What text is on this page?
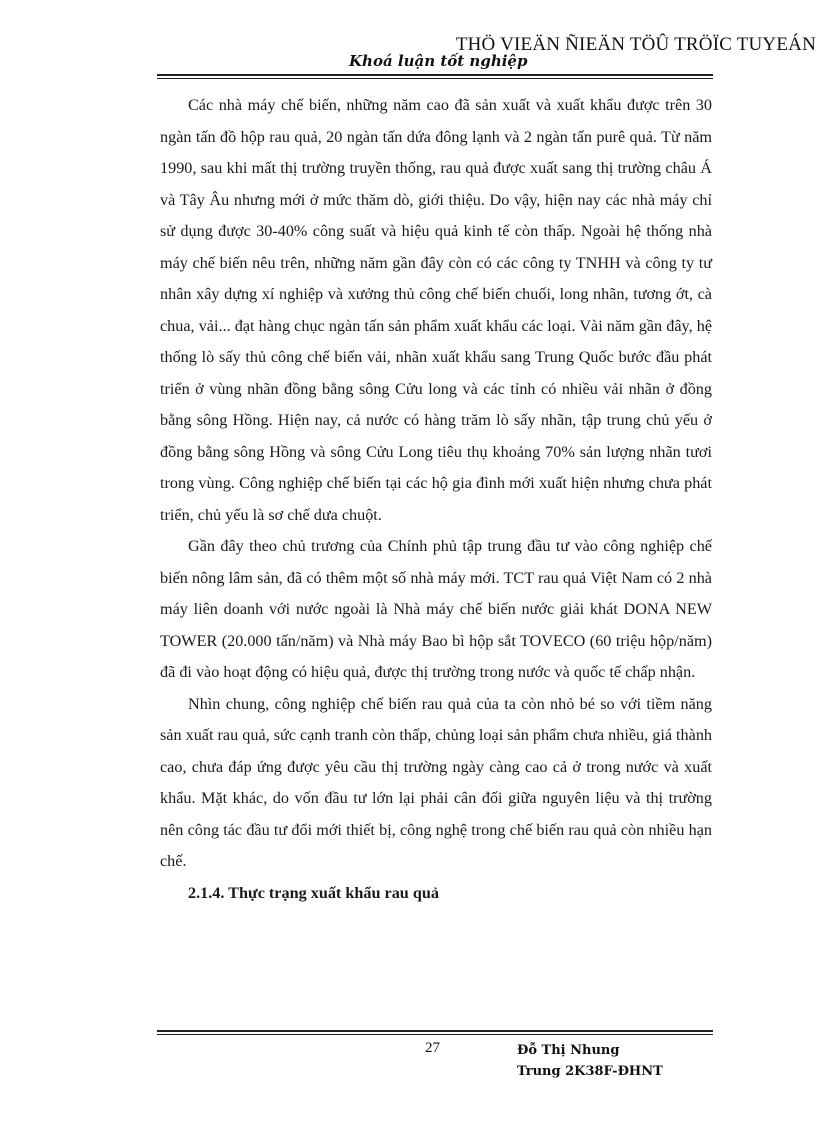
THÖ VIEÄN ÑIEÄN TÖÛ TRÖÏC TUYEÁN
Khoá luận tốt nghiệp

Các nhà máy chế biến, những năm cao đã sản xuất và xuất khẩu được trên 30 ngàn tấn đồ hộp rau quả, 20 ngàn tấn dứa đông lạnh và 2 ngàn tấn purê quả. Từ năm 1990, sau khi mất thị trường truyền thống, rau quả được xuất sang thị trường châu Á và Tây Âu nhưng mới ở mức thăm dò, giới thiệu. Do vậy, hiện nay các nhà máy chỉ sử dụng được 30-40% công suất và hiệu quả kinh tế còn thấp. Ngoài hệ thống nhà máy chế biến nêu trên, những năm gần đây còn có các công ty TNHH và công ty tư nhân xây dựng xí nghiệp và xưởng thủ công chế biến chuối, long nhãn, tương ớt, cà chua, vải... đạt hàng chục ngàn tấn sản phẩm xuất khẩu các loại. Vài năm gần đây, hệ thống lò sấy thủ công chế biến vải, nhãn xuất khẩu sang Trung Quốc bước đầu phát triển ở vùng nhãn đồng bằng sông Cửu long và các tỉnh có nhiều vải nhãn ở đồng bằng sông Hồng. Hiện nay, cả nước có hàng trăm lò sấy nhãn, tập trung chủ yếu ở đồng bằng sông Hồng và sông Cửu Long tiêu thụ khoảng 70% sản lượng nhãn tươi trong vùng. Công nghiệp chế biến tại các hộ gia đình mới xuất hiện nhưng chưa phát triển, chủ yếu là sơ chế dưa chuột.

Gần đây theo chủ trương của Chính phủ tập trung đầu tư vào công nghiệp chế biến nông lâm sản, đã có thêm một số nhà máy mới. TCT rau quả Việt Nam có 2 nhà máy liên doanh với nước ngoài là Nhà máy chế biến nước giải khát DONA NEW TOWER (20.000 tấn/năm) và Nhà máy Bao bì hộp sắt TOVECO (60 triệu hộp/năm) đã đi vào hoạt động có hiệu quả, được thị trường trong nước và quốc tế chấp nhận.

Nhìn chung, công nghiệp chế biến rau quả của ta còn nhỏ bé so với tiềm năng sản xuất rau quả, sức cạnh tranh còn thấp, chủng loại sản phẩm chưa nhiều, giá thành cao, chưa đáp ứng được yêu cầu thị trường ngày càng cao cả ở trong nước và xuất khẩu. Mặt khác, do vốn đầu tư lớn lại phải cân đối giữa nguyên liệu và thị trường nên công tác đầu tư đổi mới thiết bị, công nghệ trong chế biến rau quả còn nhiều hạn chế.

2.1.4. Thực trạng xuất khẩu rau quả

27	Đỗ Thị Nhung
Trung 2K38F-ĐHNT
